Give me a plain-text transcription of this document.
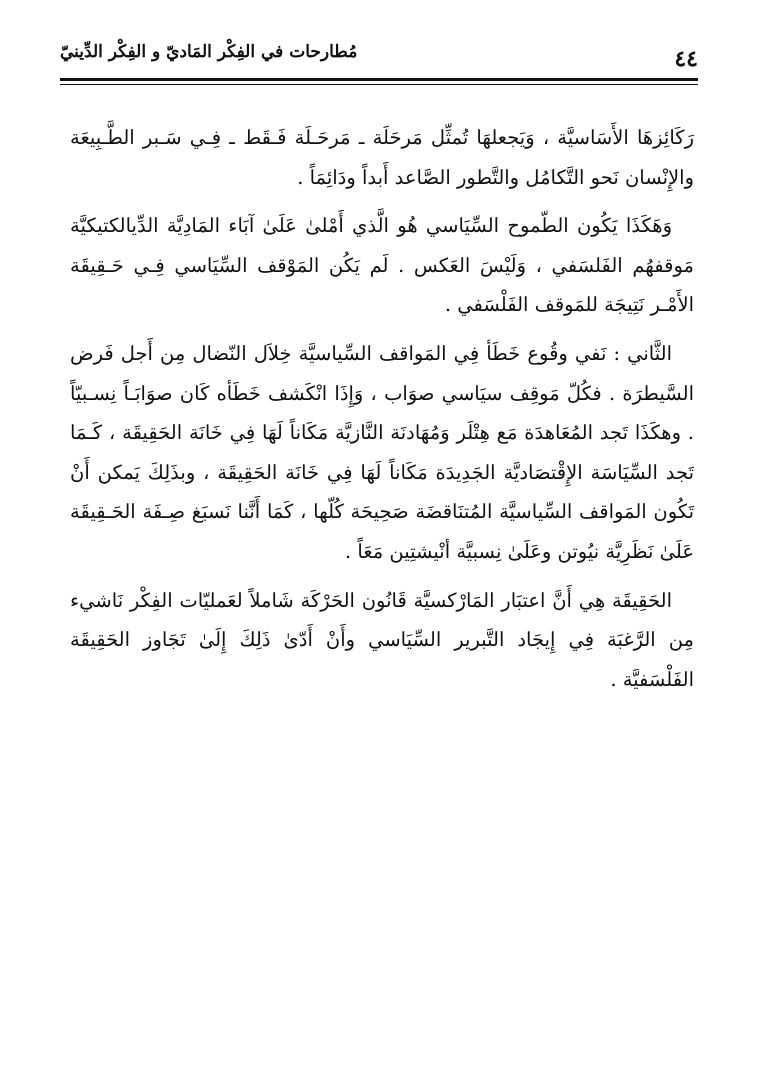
مُطارحات في الفِكْر المَاديّ و الفِكْر الدِّينيّ	٤٤

رَكَائِزهَا الأَسَاسيَّة ، وَيَجعلهَا تُمثِّل مَرحَلَة ـ مَرحَـلَة فَـقَط ـ فِـي سَـبر الطَّـبِيعَة والإِنْسان نَحو التَّكامُل والتَّطور الصَّاعد أَبداً ودَائِمَاً .

وَهَكَذَا يَكُون الطّموح السِّيَاسي هُو الَّذي أَمْلىٰ عَلَىٰ آبَاء المَادِيَّة الدِّيالكتيكيَّة مَوقفهُم الفَلسَفي ، وَلَيْسَ العَكس . لَم يَكُن المَوْقف السِّيَاسي فِـي حَـقِيقَة الأَمْـر نَتِيجَة للمَوقف الفَلْسَفي .

الثَّاني : نَفي وقُوع خَطَأ فِي المَواقف السِّياسيَّة خِلاَل النّضال مِن أَجل فَرض السَّيطرَة . فكُلّ مَوقِف سيَاسي صوَاب ، وَإِذَا انْكَشف خَطَأه كَان صوَابَـاً نِسـبيّاً . وهكَذَا تَجد المُعَاهدَة مَع هِتْلَر وَمُهَادنَة النَّازيَّة مَكَاناً لَهَا فِي خَانَة الحَقِيقَة ، كَـمَا تَجد السِّيَاسَة الإِقْتصَاديَّة الجَدِيدَة مَكَاناً لَهَا فِي خَانَة الحَقِيقَة ، وبذَلِكَ يَمكن أَنْ تَكُون المَواقف السِّياسيَّة المُتنَاقضَة صَحِيحَة كُلّها ، كَمَا أَنَّنا نَسبَغ صِـفَة الحَـقِيقَة عَلَىٰ نَظَرِيَّة نيُوتن وعَلَىٰ نِسبيَّة أنْيشتِين مَعَاً .

الحَقِيقَة هِي أَنَّ اعتبَار المَارْكسيَّة قَانُون الحَرْكَة شَاملاً لعَمليّات الفِكْر نَاشيء مِن الرَّغبَة فِي إِيجَاد التَّبرير السِّيَاسي وأَنْ أَدّىٰ ذَلِكَ إِلَىٰ تَجَاوز الحَقِيقَة الفَلْسَفيَّة .
